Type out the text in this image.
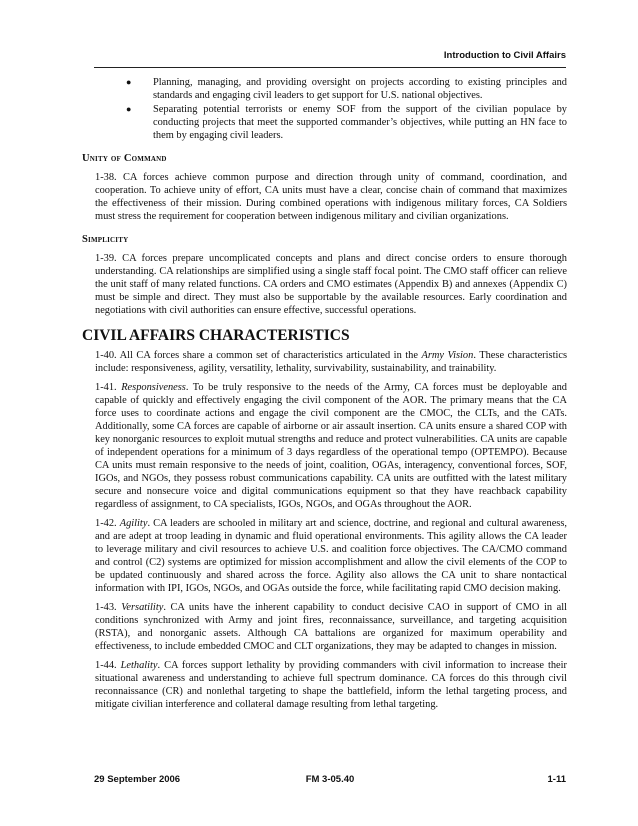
Introduction to Civil Affairs
● Planning, managing, and providing oversight on projects according to existing principles and standards and engaging civil leaders to get support for U.S. national objectives.
● Separating potential terrorists or enemy SOF from the support of the civilian populace by conducting projects that meet the supported commander’s objectives, while putting an HN face to them by engaging civil leaders.
Unity of Command

1-38. CA forces achieve common purpose and direction through unity of command, coordination, and cooperation. To achieve unity of effort, CA units must have a clear, concise chain of command that maximizes the effectiveness of their mission. During combined operations with indigenous military forces, CA Soldiers must stress the requirement for cooperation between indigenous military and civilian organizations.

Simplicity

1-39. CA forces prepare uncomplicated concepts and plans and direct concise orders to ensure thorough understanding. CA relationships are simplified using a single staff focal point. The CMO staff officer can relieve the unit staff of many related functions. CA orders and CMO estimates (Appendix B) and annexes (Appendix C) must be simple and direct. They must also be supportable by the available resources. Early coordination and negotiations with civil authorities can ensure effective, successful operations.

CIVIL AFFAIRS CHARACTERISTICS

1-40. All CA forces share a common set of characteristics articulated in the Army Vision. These characteristics include: responsiveness, agility, versatility, lethality, survivability, sustainability, and trainability.

1-41. Responsiveness. To be truly responsive to the needs of the Army, CA forces must be deployable and capable of quickly and effectively engaging the civil component of the AOR. The primary means that the CA force uses to coordinate actions and engage the civil component are the CMOC, the CLTs, and the CATs. Additionally, some CA forces are capable of airborne or air assault insertion. CA units ensure a shared COP with key nonorganic resources to exploit mutual strengths and reduce and protect vulnerabilities. CA units are capable of independent operations for a minimum of 3 days regardless of the operational tempo (OPTEMPO). Because CA units must remain responsive to the needs of joint, coalition, OGAs, interagency, conventional forces, SOF, IGOs, and NGOs, they possess robust communications capability. CA units are outfitted with the latest military secure and nonsecure voice and digital communications equipment so that they have reachback capability regardless of assignment, to CA specialists, IGOs, NGOs, and OGAs throughout the AOR.

1-42. Agility. CA leaders are schooled in military art and science, doctrine, and regional and cultural awareness, and are adept at troop leading in dynamic and fluid operational environments. This agility allows the CA leader to leverage military and civil resources to achieve U.S. and coalition force objectives. The CA/CMO command and control (C2) systems are optimized for mission accomplishment and allow the civil elements of the COP to be updated continuously and shared across the force. Agility also allows the CA unit to share nontactical information with IPI, IGOs, NGOs, and OGAs outside the force, while facilitating rapid CMO decision making.

1-43. Versatility. CA units have the inherent capability to conduct decisive CAO in support of CMO in all conditions synchronized with Army and joint fires, reconnaissance, surveillance, and targeting acquisition (RSTA), and nonorganic assets. Although CA battalions are organized for maximum operability and effectiveness, to include embedded CMOC and CLT organizations, they may be adapted to changes in mission.

1-44. Lethality. CA forces support lethality by providing commanders with civil information to increase their situational awareness and understanding to achieve full spectrum dominance. CA forces do this through civil reconnaissance (CR) and nonlethal targeting to shape the battlefield, inform the lethal targeting process, and mitigate civilian interference and collateral damage resulting from lethal targeting.

29 September 2006	FM 3-05.40	1-11
